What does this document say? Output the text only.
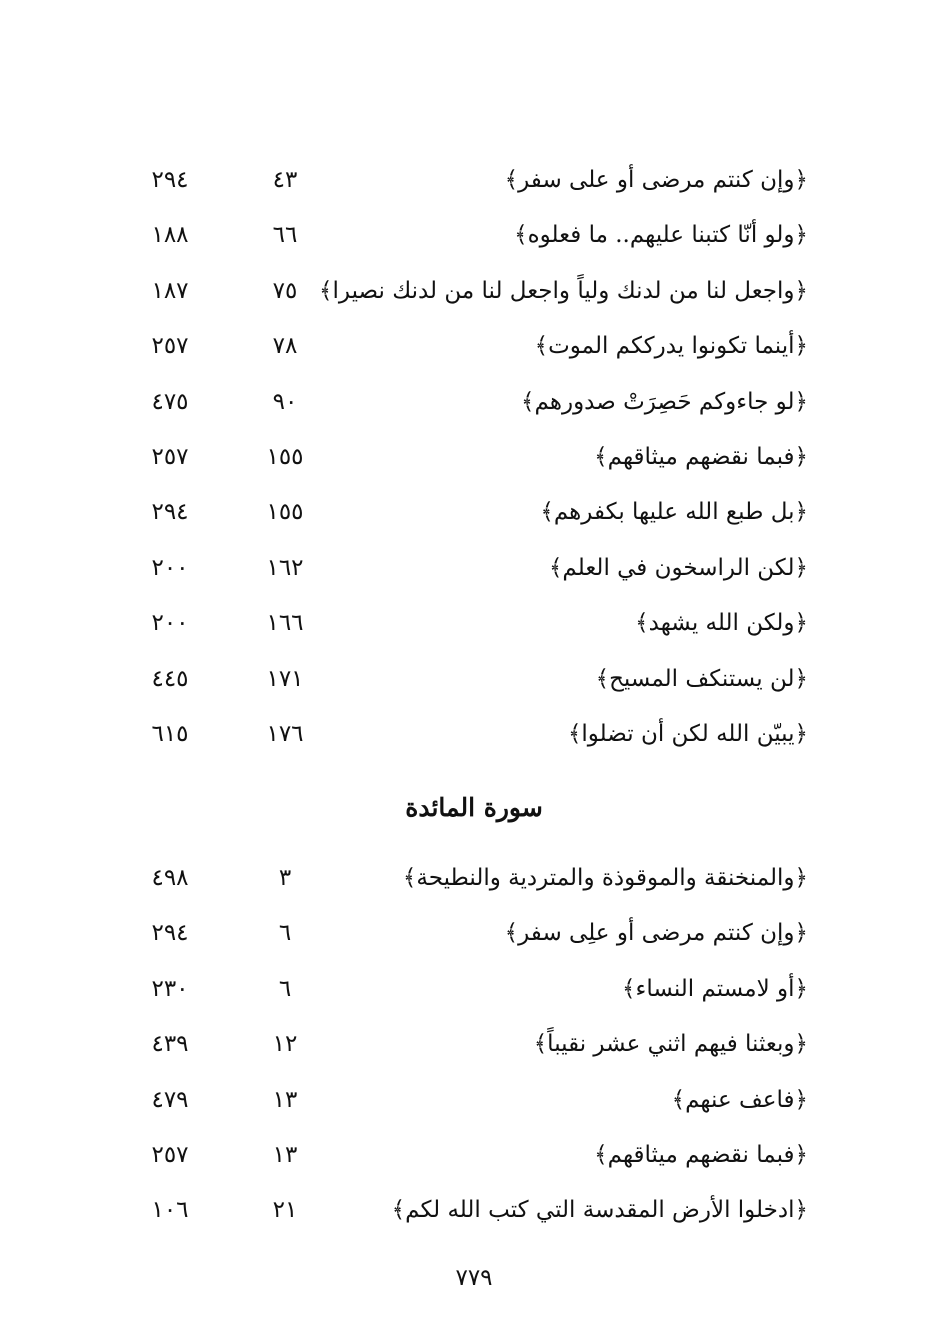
﴿وإن كنتم مرضى أو على سفر﴾
٤٣
٢٩٤
﴿ولو أنّا كتبنا عليهم.. ما فعلوه﴾
٦٦
١٨٨
﴿واجعل لنا من لدنك ولياً واجعل لنا من لدنك نصيرا﴾
٧٥
١٨٧
﴿أينما تكونوا يدرككم الموت﴾
٧٨
٢٥٧
﴿لو جاءوكم حَصِرَتْ صدورهم﴾
٩٠
٤٧٥
﴿فبما نقضهم ميثاقهم﴾
١٥٥
٢٥٧
﴿بل طبع الله عليها بكفرهم﴾
١٥٥
٢٩٤
﴿لكن الراسخون في العلم﴾
١٦٢
٢٠٠
﴿ولكن الله يشهد﴾
١٦٦
٢٠٠
﴿لن يستنكف المسيح﴾
١٧١
٤٤٥
﴿يبيّن الله لكن أن تضلوا﴾
١٧٦
٦١٥
سورة المائدة
﴿والمنخنقة والموقوذة والمتردية والنطيحة﴾
٣
٤٩٨
﴿وإن كنتم مرضى أو علِى سفر﴾
٦
٢٩٤
﴿أو لامستم النساء﴾
٦
٢٣٠
﴿وبعثنا فيهم اثني عشر نقيباً﴾
١٢
٤٣٩
﴿فاعف عنهم﴾
١٣
٤٧٩
﴿فبما نقضهم ميثاقهم﴾
١٣
٢٥٧
﴿ادخلوا الأرض المقدسة التي كتب الله لكم﴾
٢١
١٠٦
٧٧٩
